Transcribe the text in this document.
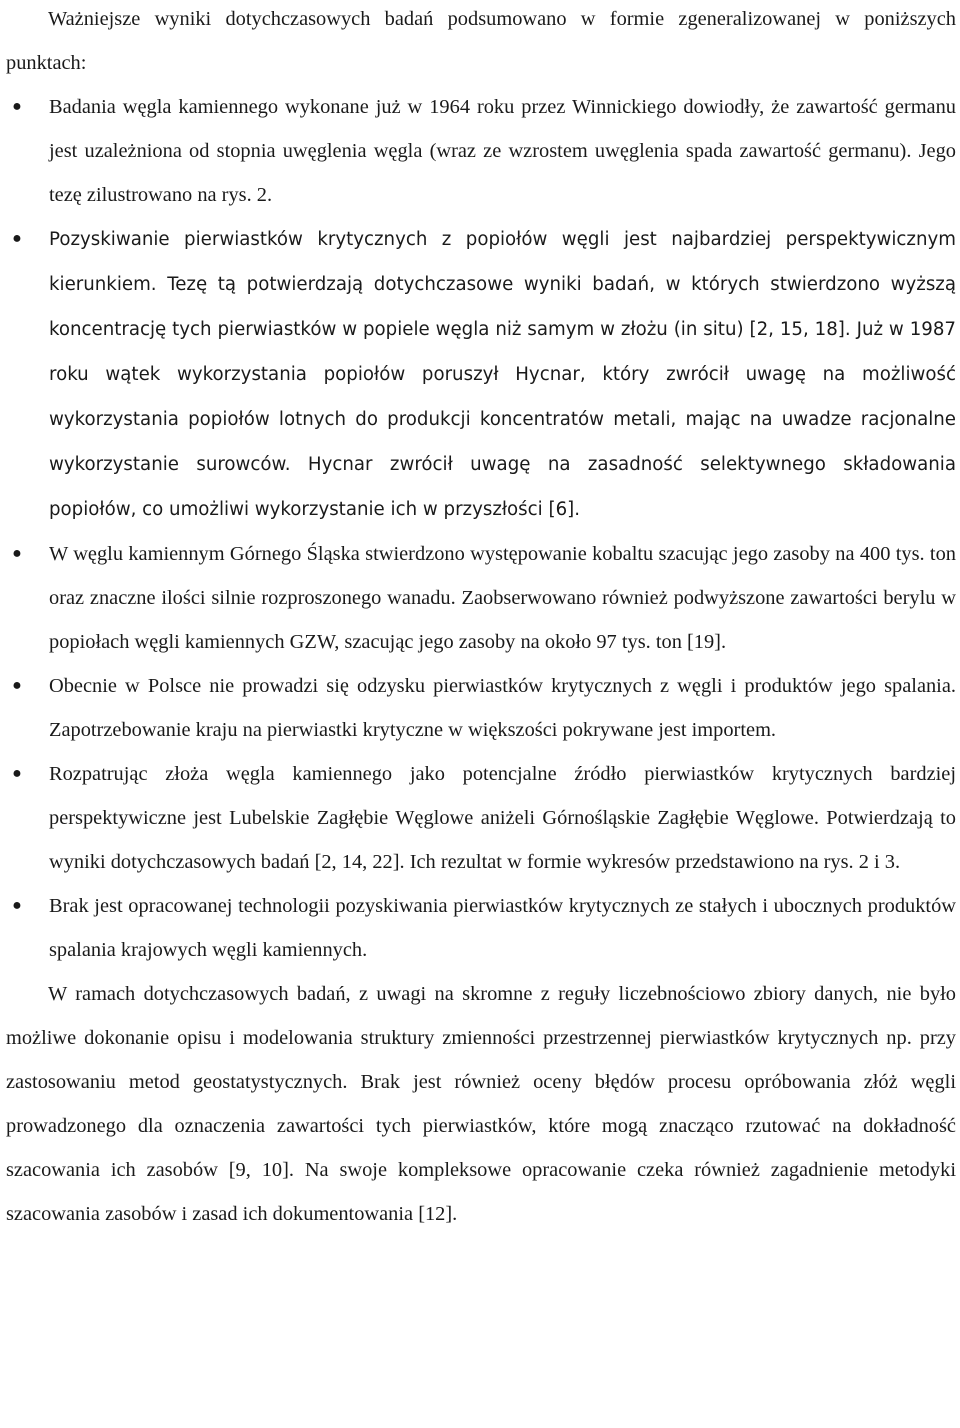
Ważniejsze wyniki dotychczasowych badań podsumowano w formie zgeneralizowanej w poniższych punktach:

● Badania węgla kamiennego wykonane już w 1964 roku przez Winnickiego dowiodły, że zawartość germanu jest uzależniona od stopnia uwęglenia węgla (wraz ze wzrostem uwęglenia spada zawartość germanu). Jego tezę zilustrowano na rys. 2.
● Pozyskiwanie pierwiastków krytycznych z popiołów węgli jest najbardziej perspektywicznym kierunkiem. Tezę tą potwierdzają dotychczasowe wyniki badań, w których stwierdzono wyższą koncentrację tych pierwiastków w popiele węgla niż samym w złożu (in situ) [2, 15, 18]. Już w 1987 roku wątek wykorzystania popiołów poruszył Hycnar, który zwrócił uwagę na możliwość wykorzystania popiołów lotnych do produkcji koncentratów metali, mając na uwadze racjonalne wykorzystanie surowców. Hycnar zwrócił uwagę na zasadność selektywnego składowania popiołów, co umożliwi wykorzystanie ich w przyszłości [6].
● W węglu kamiennym Górnego Śląska stwierdzono występowanie kobaltu szacując jego zasoby na 400 tys. ton oraz znaczne ilości silnie rozproszonego wanadu. Zaobserwowano również podwyższone zawartości berylu w popiołach węgli kamiennych GZW, szacując jego zasoby na około 97 tys. ton [19].
● Obecnie w Polsce nie prowadzi się odzysku pierwiastków krytycznych z węgli i produktów jego spalania. Zapotrzebowanie kraju na pierwiastki krytyczne w większości pokrywane jest importem.
● Rozpatrując złoża węgla kamiennego jako potencjalne źródło pierwiastków krytycznych bardziej perspektywiczne jest Lubelskie Zagłębie Węglowe aniżeli Górnośląskie Zagłębie Węglowe. Potwierdzają to wyniki dotychczasowych badań [2, 14, 22]. Ich rezultat w formie wykresów przedstawiono na rys. 2 i 3.
● Brak jest opracowanej technologii pozyskiwania pierwiastków krytycznych ze stałych i ubocznych produktów spalania krajowych węgli kamiennych.

W ramach dotychczasowych badań, z uwagi na skromne z reguły liczebnościowo zbiory danych, nie było możliwe dokonanie opisu i modelowania struktury zmienności przestrzennej pierwiastków krytycznych np. przy zastosowaniu metod geostatystycznych. Brak jest również oceny błędów procesu opróbowania złóż węgli prowadzonego dla oznaczenia zawartości tych pierwiastków, które mogą znacząco rzutować na dokładność szacowania ich zasobów [9, 10]. Na swoje kompleksowe opracowanie czeka również zagadnienie metodyki szacowania zasobów i zasad ich dokumentowania [12].
